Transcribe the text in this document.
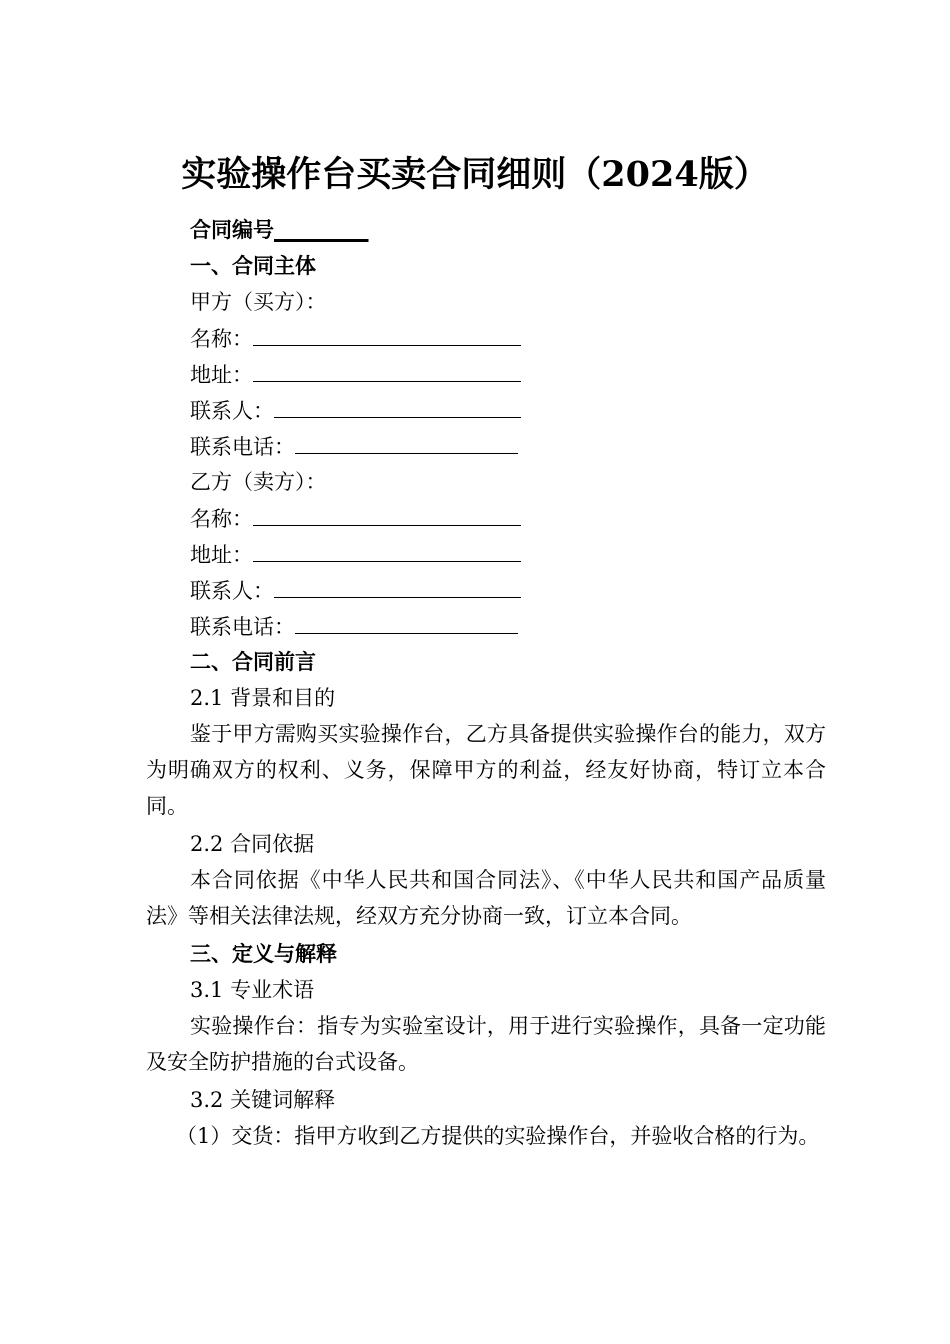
实验操作台买卖合同细则（2024版）
合同编号_________
一、合同主体
甲方（买方）：
名称：
地址：
联系人：
联系电话：
乙方（卖方）：
名称：
地址：
联系人：
联系电话：
二、合同前言
2.1 背景和目的
鉴于甲方需购买实验操作台，乙方具备提供实验操作台的能力，双方为明确双方的权利、义务，保障甲方的利益，经友好协商，特订立本合同。
2.2 合同依据
本合同依据《中华人民共和国合同法》、《中华人民共和国产品质量法》等相关法律法规，经双方充分协商一致，订立本合同。
三、定义与解释
3.1 专业术语
实验操作台：指专为实验室设计，用于进行实验操作，具备一定功能及安全防护措施的台式设备。
3.2 关键词解释
（1）交货：指甲方收到乙方提供的实验操作台，并验收合格的行为。
